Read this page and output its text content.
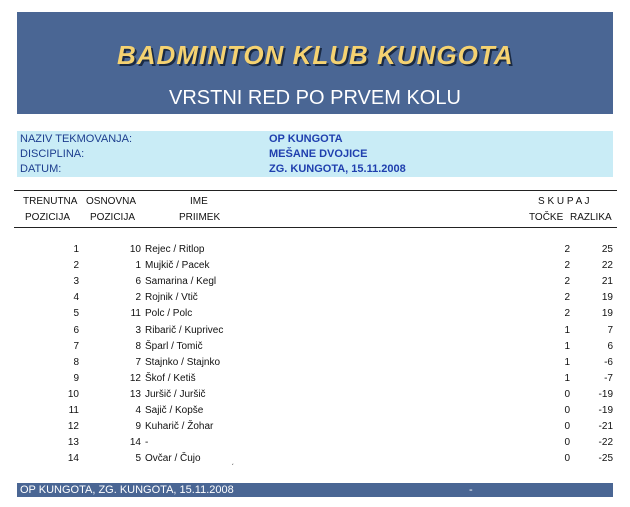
BADMINTON KLUB KUNGOTA
VRSTNI RED PO PRVEM KOLU
NAZIV TEKMOVANJA:	OP KUNGOTA
DISCIPLINA:	MEŠANE DVOJICE
DATUM:	ZG. KUNGOTA, 15.11.2008
TRENUTNA
POZICIJA
OSNOVNA
POZICIJA
IME
PRIIMEK
S K U P A J
TOČKE RAZLIKA
1	10 Rejec / Ritlop	2	25
2	1 Mujkič / Pacek	2	22
3	6 Samarina / Kegl	2	21
4	2 Rojnik / Vtič	2	19
5	11 Polc / Polc	2	19
6	3 Ribarič / Kuprivec	1	7
7	8 Šparl / Tomič	1	6
8	7 Stajnko / Stajnko	1	-6
9	12 Škof / Ketiš	1	-7
10	13 Juršič / Juršič	0	-19
11	4 Sajič / Kopše	0	-19
12	9 Kuharič / Žohar	0	-21
13	14 -	0	-22
14	5 Ovčar / Čujo	0	-25
ˏ
OP KUNGOTA, ZG. KUNGOTA, 15.11.2008	-
